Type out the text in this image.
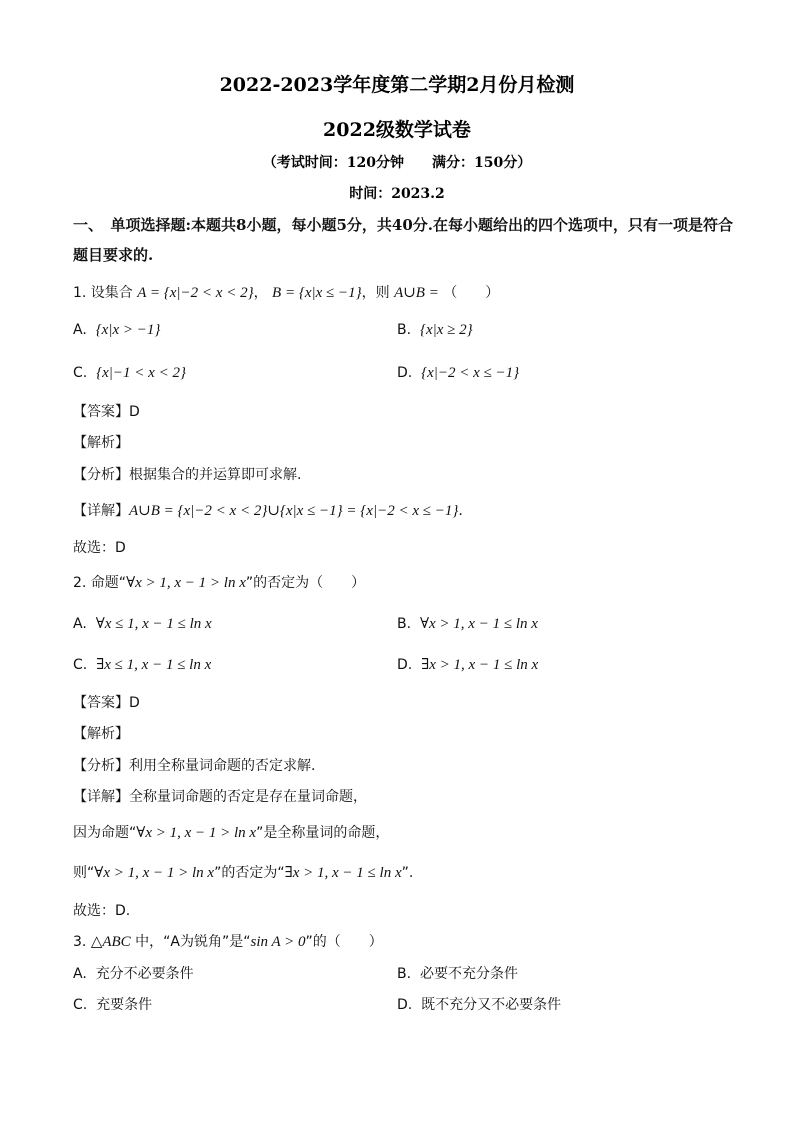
2022-2023学年度第二学期2月份月检测
2022级数学试卷
（考试时间：120分钟　　满分：150分）
时间：2023.2
一、　单项选择题:本题共8小题，每小题5分，共40分.在每小题给出的四个选项中，只有一项是符合题目要求的.
1. 设集合 A = {x|−2 < x < 2}， B = {x|x ≤ −1}，则 A∪B = （　　）
A. {x|x > −1}	B. {x|x ≥ 2}
C. {x|−1 < x < 2}	D. {x|−2 < x ≤ −1}
【答案】D
【解析】
【分析】根据集合的并运算即可求解.
【详解】A∪B = {x|−2 < x < 2}∪{x|x ≤ −1} = {x|−2 < x ≤ −1}.
故选：D
2. 命题“∀x > 1, x − 1 > ln x”的否定为（　　）
A. ∀x ≤ 1, x − 1 ≤ ln x	B. ∀x > 1, x − 1 ≤ ln x
C. ∃x ≤ 1, x − 1 ≤ ln x	D. ∃x > 1, x − 1 ≤ ln x
【答案】D
【解析】
【分析】利用全称量词命题的否定求解.
【详解】全称量词命题的否定是存在量词命题，
因为命题“∀x > 1, x − 1 > ln x”是全称量词的命题，
则“∀x > 1, x − 1 > ln x”的否定为“∃x > 1, x − 1 ≤ ln x”.
故选：D.
3. △ABC 中，“A为锐角”是“sin A > 0”的（　　）
A. 充分不必要条件	B. 必要不充分条件
C. 充要条件	D. 既不充分又不必要条件
